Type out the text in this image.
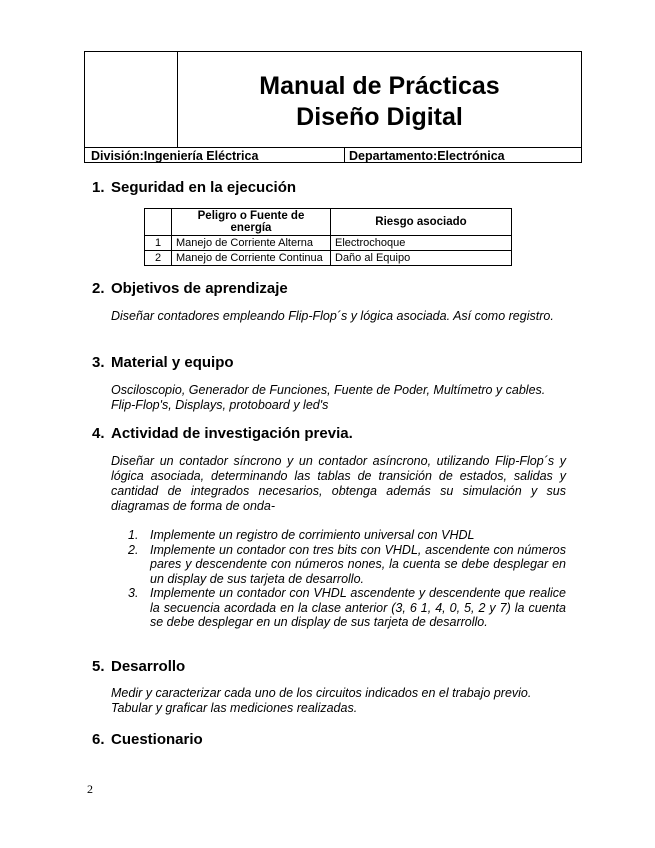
Manual de Prácticas
Diseño Digital
División:Ingeniería Eléctrica	Departamento:Electrónica
1. Seguridad en la ejecución
	Peligro o Fuente de energía	Riesgo asociado
1	Manejo de Corriente Alterna	Electrochoque
2	Manejo de Corriente Continua	Daño al Equipo
2. Objetivos de aprendizaje
Diseñar contadores empleando Flip-Flop´s y lógica asociada. Así como registro.
3. Material y equipo
Osciloscopio, Generador de Funciones, Fuente de Poder, Multímetro y cables.
Flip-Flop's, Displays, protoboard y led's
4. Actividad de investigación previa.
Diseñar un contador síncrono y un contador asíncrono, utilizando Flip-Flop´s y lógica asociada, determinando las tablas de transición de estados, salidas y cantidad de integrados necesarios, obtenga además su simulación y sus diagramas de forma de onda-
1. Implemente un registro de corrimiento universal con VHDL
2. Implemente un contador con tres bits con VHDL, ascendente con números pares y descendente con números nones, la cuenta se debe desplegar en un display de sus tarjeta de desarrollo.
3. Implemente un contador con VHDL ascendente y descendente que realice la secuencia acordada en la clase anterior (3, 6 1, 4, 0, 5, 2 y 7) la cuenta se debe desplegar en un display de sus tarjeta de desarrollo.
5. Desarrollo
Medir y caracterizar cada uno de los circuitos indicados en el trabajo previo.
Tabular y graficar las mediciones realizadas.
6. Cuestionario
2
